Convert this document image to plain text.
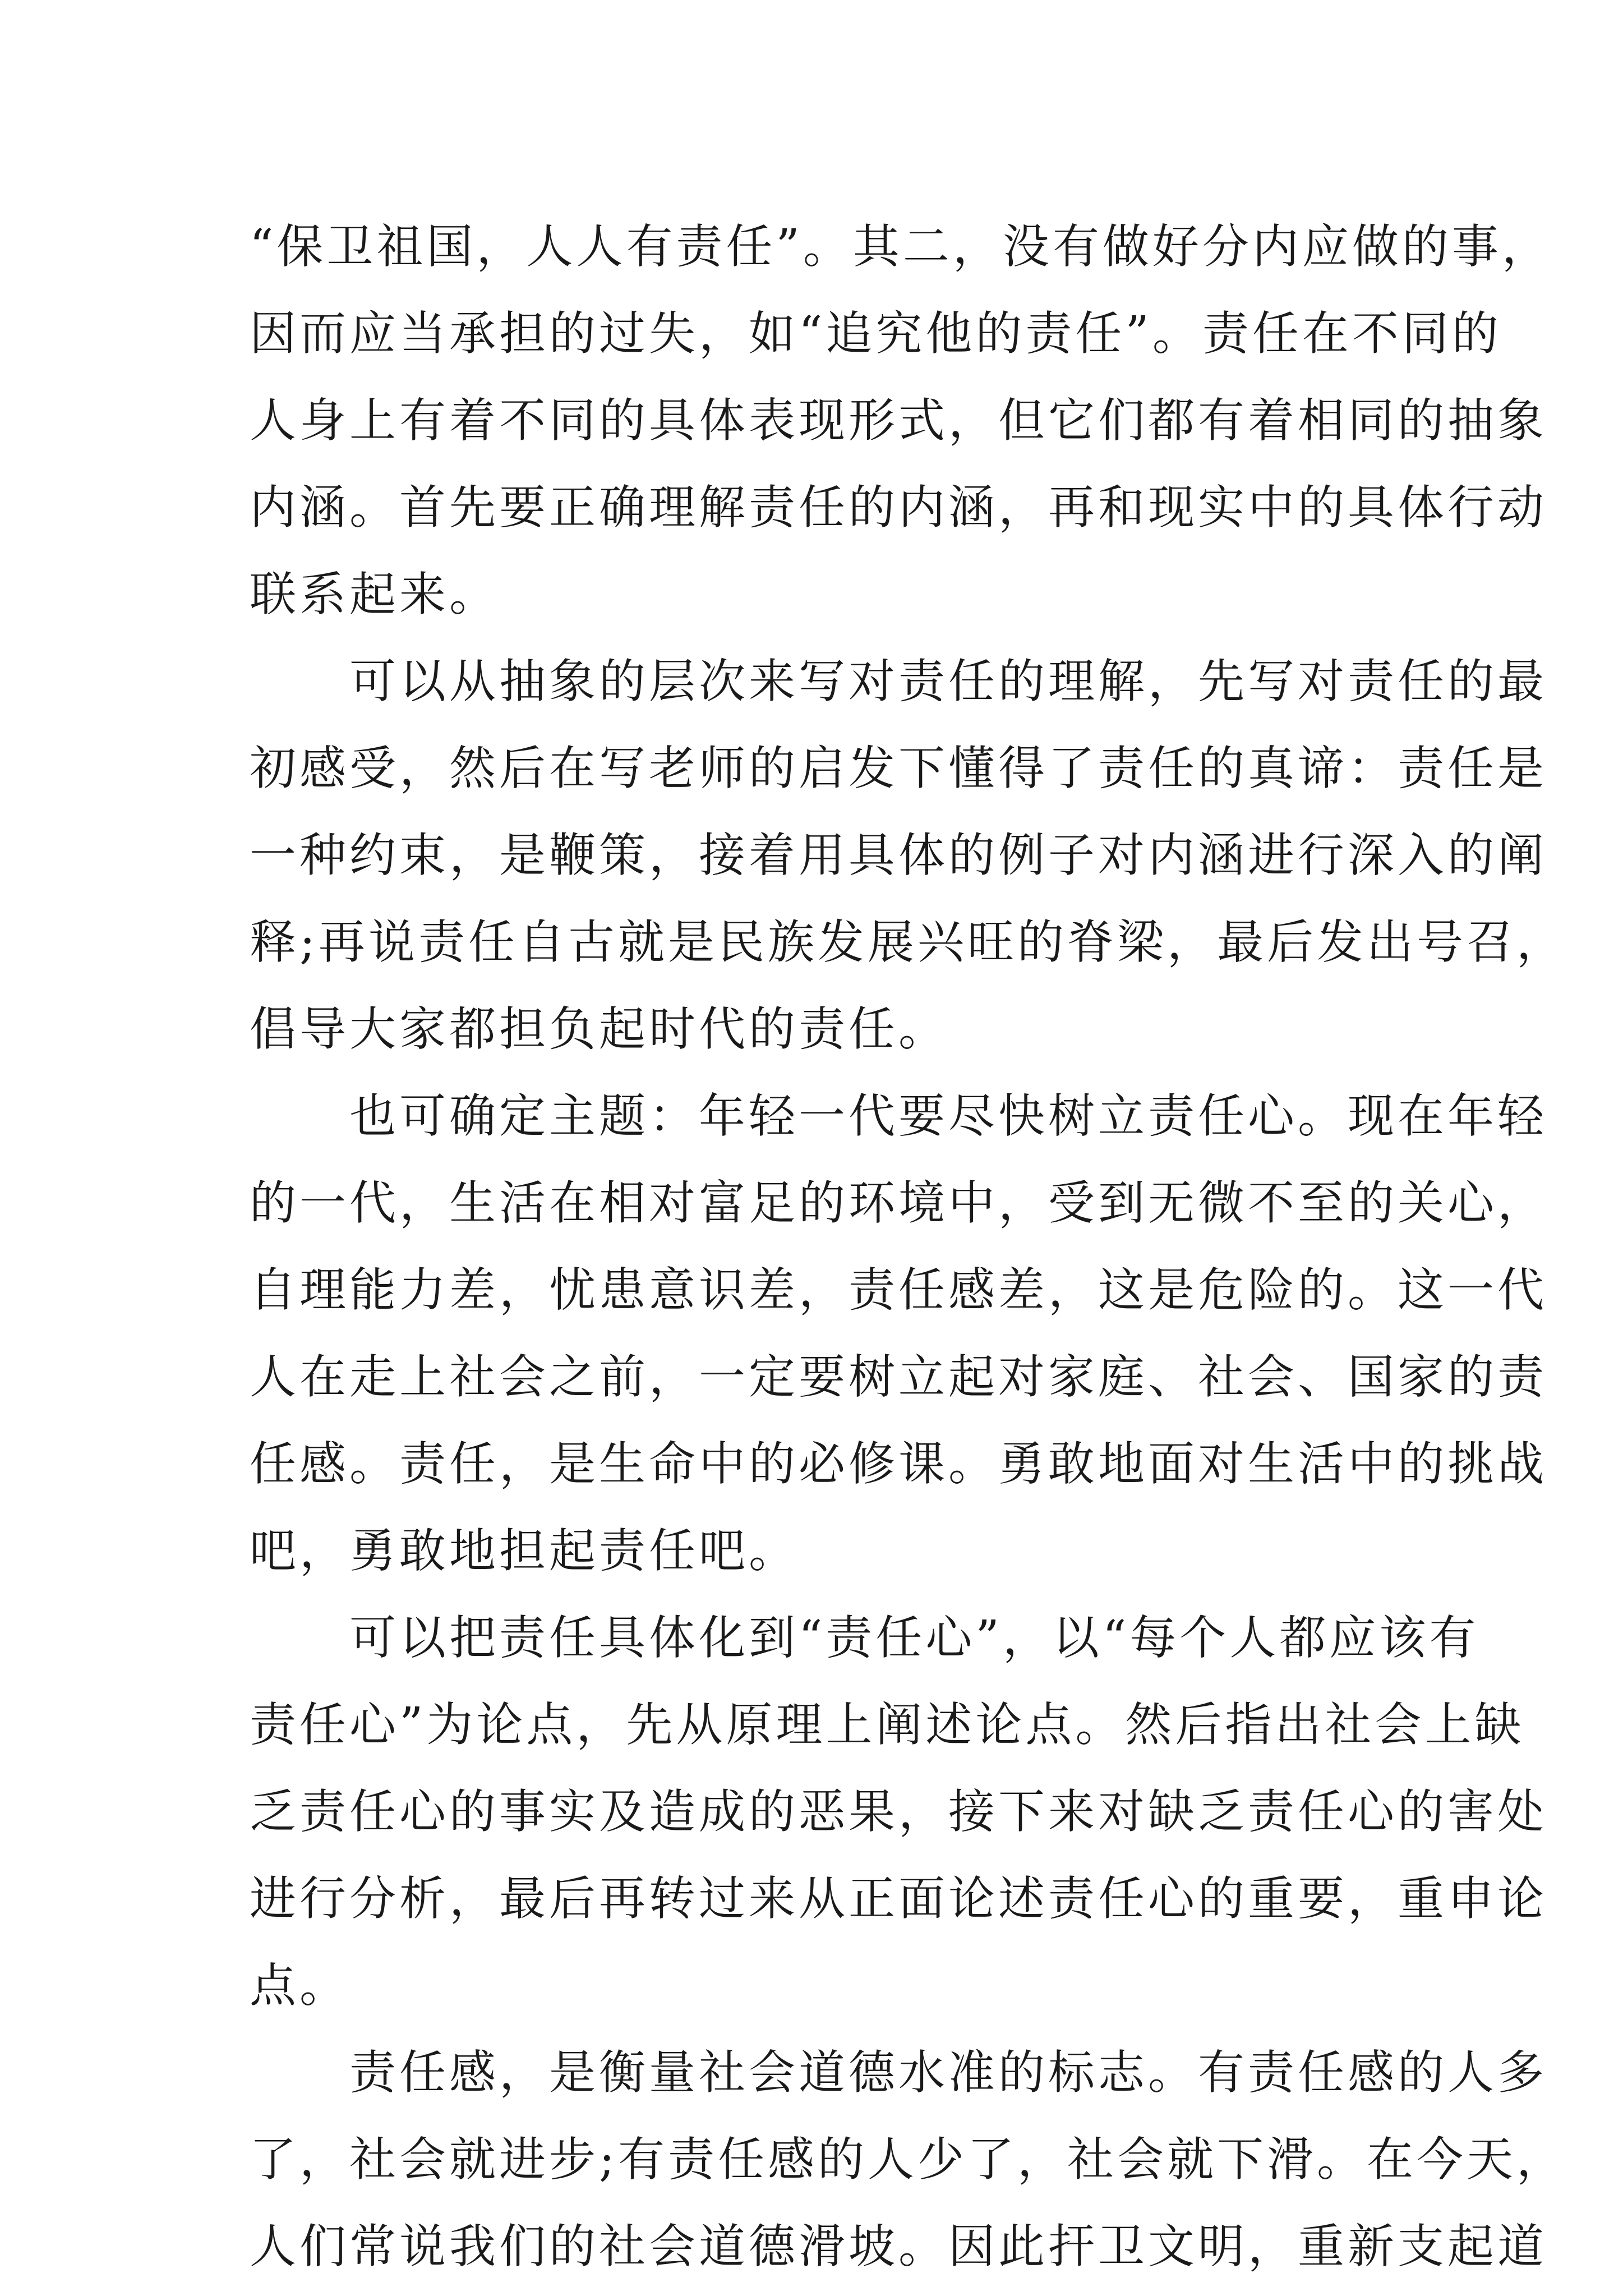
“保卫祖国，人人有责任”。其二，没有做好分内应做的事，
因而应当承担的过失，如“追究他的责任”。责任在不同的
人身上有着不同的具体表现形式，但它们都有着相同的抽象
内涵。首先要正确理解责任的内涵，再和现实中的具体行动
联系起来。
　　可以从抽象的层次来写对责任的理解，先写对责任的最
初感受，然后在写老师的启发下懂得了责任的真谛：责任是
一种约束，是鞭策，接着用具体的例子对内涵进行深入的阐
释;再说责任自古就是民族发展兴旺的脊梁，最后发出号召，
倡导大家都担负起时代的责任。
　　也可确定主题：年轻一代要尽快树立责任心。现在年轻
的一代，生活在相对富足的环境中，受到无微不至的关心，
自理能力差，忧患意识差，责任感差，这是危险的。这一代
人在走上社会之前，一定要树立起对家庭、社会、国家的责
任感。责任，是生命中的必修课。勇敢地面对生活中的挑战
吧，勇敢地担起责任吧。
　　可以把责任具体化到“责任心”，以“每个人都应该有
责任心”为论点，先从原理上阐述论点。然后指出社会上缺
乏责任心的事实及造成的恶果，接下来对缺乏责任心的害处
进行分析，最后再转过来从正面论述责任心的重要，重申论
点。
　　责任感，是衡量社会道德水准的标志。有责任感的人多
了，社会就进步;有责任感的人少了，社会就下滑。在今天，
人们常说我们的社会道德滑坡。因此扞卫文明，重新支起道
